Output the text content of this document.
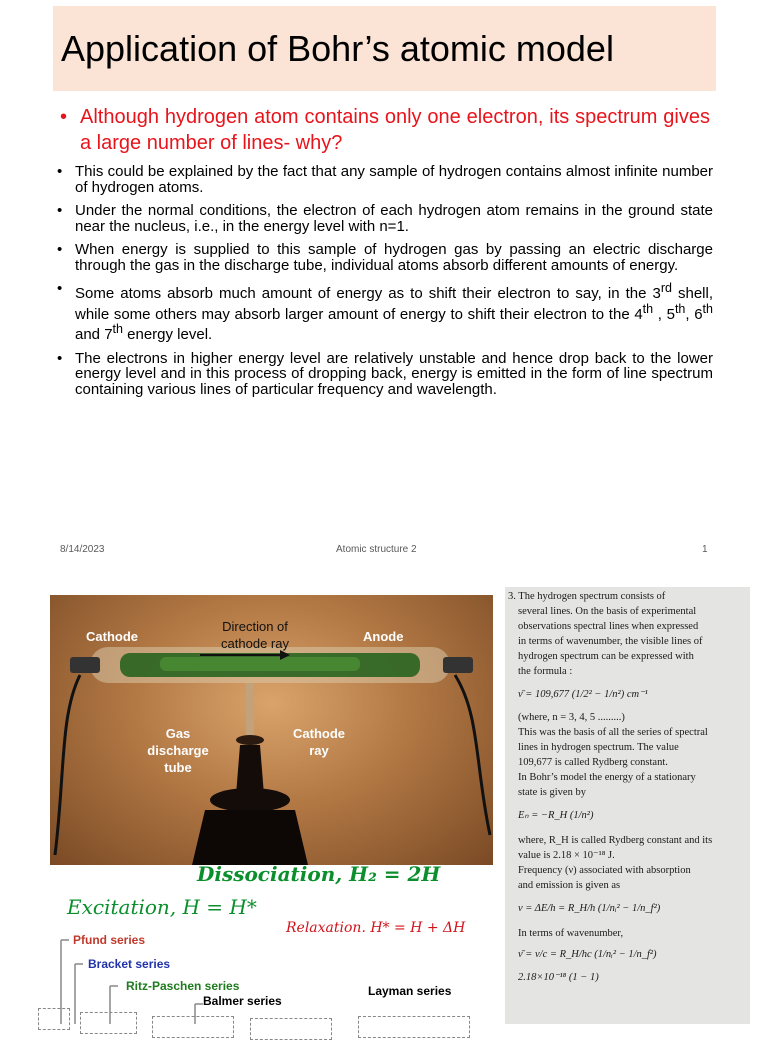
Application of Bohr’s atomic model
• Although hydrogen atom contains only one electron, its spectrum gives a large number of lines- why?
• This could be explained by the fact that any sample of hydrogen contains almost infinite number of hydrogen atoms.
• Under the normal conditions, the electron of each hydrogen atom remains in the ground state near the nucleus, i.e., in the energy level with n=1.
• When energy is supplied to this sample of hydrogen gas by passing an electric discharge through the gas in the discharge tube, individual atoms absorb different amounts of energy.
• Some atoms absorb much amount of energy as to shift their electron to say, in the 3rd shell, while some others may absorb larger amount of energy to shift their electron to the 4th , 5th, 6th and 7th energy level.
• The electrons in higher energy level are relatively unstable and hence drop back to the lower energy level and in this process of dropping back, energy is emitted in the form of line spectrum containing various lines of particular frequency and wavelength.
8/14/2023	Atomic structure 2	1
Cathode	Anode
Direction of cathode ray
Gas discharge tube
Cathode ray
Dissociation, H₂ = 2H
Excitation, H = H*
Relaxation. H* = H + ΔH
Pfund series
Bracket series
Ritz-Paschen series
Balmer series
Layman series

3. The hydrogen spectrum consists of

several lines. On the basis of experimental

observations spectral lines when expressed

in terms of wavenumber, the visible lines of

hydrogen spectrum can be expressed with

the formula :

ν̄ = 109,677 (1/2² − 1/n²) cm⁻¹

(where, n = 3, 4, 5 .........)

This was the basis of all the series of spectral

lines in hydrogen spectrum. The value

109,677 is called Rydberg constant.

In Bohr’s model the energy of a stationary

state is given by

Eₙ = −R_H (1/n²)

where, R_H is called Rydberg constant and its

value is 2.18 × 10⁻¹⁸ J.

Frequency (ν) associated with absorption

and emission is given as

ν = ΔE/h = R_H/h (1/nᵢ² − 1/n_f²)

In terms of wavenumber,

ν̄ = ν/c = R_H/hc (1/nᵢ² − 1/n_f²)

2.18×10⁻¹⁸ (1 − 1)
